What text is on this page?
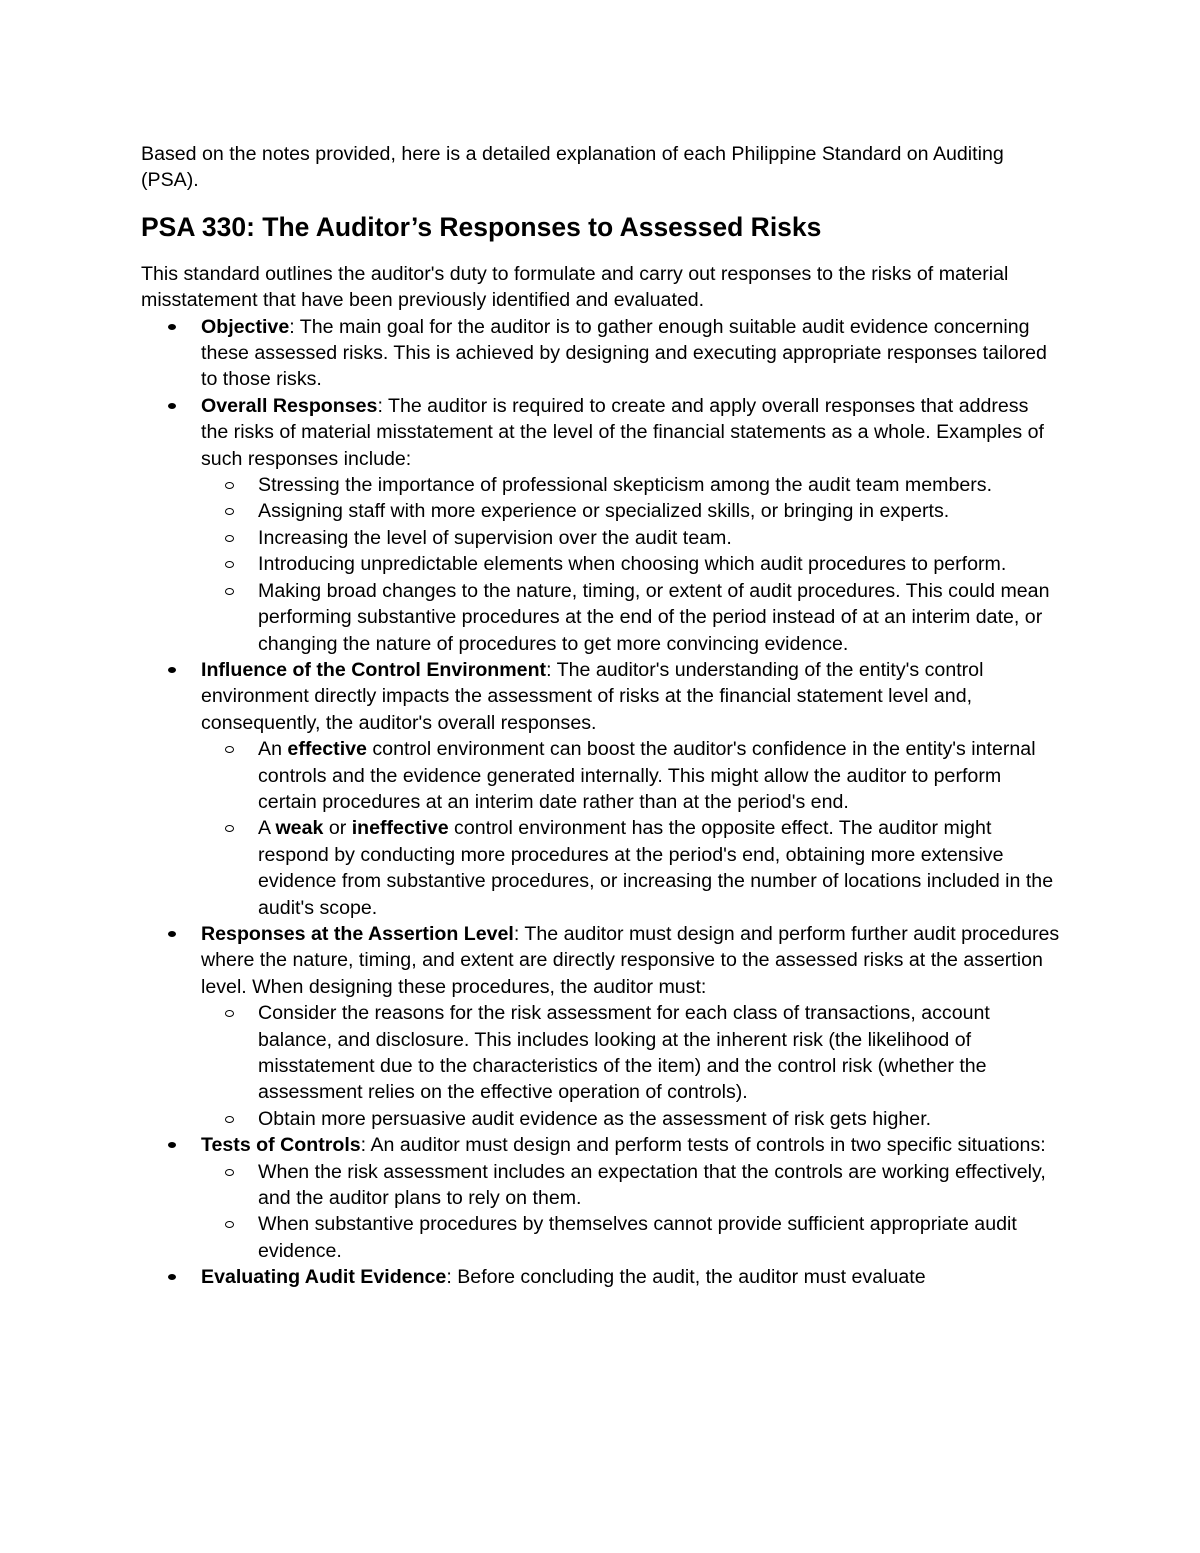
Based on the notes provided, here is a detailed explanation of each Philippine Standard on Auditing (PSA).

PSA 330: The Auditor’s Responses to Assessed Risks

This standard outlines the auditor's duty to formulate and carry out responses to the risks of material misstatement that have been previously identified and evaluated.

Objective: The main goal for the auditor is to gather enough suitable audit evidence concerning these assessed risks. This is achieved by designing and executing appropriate responses tailored to those risks.
Overall Responses: The auditor is required to create and apply overall responses that address the risks of material misstatement at the level of the financial statements as a whole. Examples of such responses include:
Stressing the importance of professional skepticism among the audit team members.
Assigning staff with more experience or specialized skills, or bringing in experts.
Increasing the level of supervision over the audit team.
Introducing unpredictable elements when choosing which audit procedures to perform.
Making broad changes to the nature, timing, or extent of audit procedures. This could mean performing substantive procedures at the end of the period instead of at an interim date, or changing the nature of procedures to get more convincing evidence.
Influence of the Control Environment: The auditor's understanding of the entity's control environment directly impacts the assessment of risks at the financial statement level and, consequently, the auditor's overall responses.
An effective control environment can boost the auditor's confidence in the entity's internal controls and the evidence generated internally. This might allow the auditor to perform certain procedures at an interim date rather than at the period's end.
A weak or ineffective control environment has the opposite effect. The auditor might respond by conducting more procedures at the period's end, obtaining more extensive evidence from substantive procedures, or increasing the number of locations included in the audit's scope.
Responses at the Assertion Level: The auditor must design and perform further audit procedures where the nature, timing, and extent are directly responsive to the assessed risks at the assertion level. When designing these procedures, the auditor must:
Consider the reasons for the risk assessment for each class of transactions, account balance, and disclosure. This includes looking at the inherent risk (the likelihood of misstatement due to the characteristics of the item) and the control risk (whether the assessment relies on the effective operation of controls).
Obtain more persuasive audit evidence as the assessment of risk gets higher.
Tests of Controls: An auditor must design and perform tests of controls in two specific situations:
When the risk assessment includes an expectation that the controls are working effectively, and the auditor plans to rely on them.
When substantive procedures by themselves cannot provide sufficient appropriate audit evidence.
Evaluating Audit Evidence: Before concluding the audit, the auditor must evaluate
